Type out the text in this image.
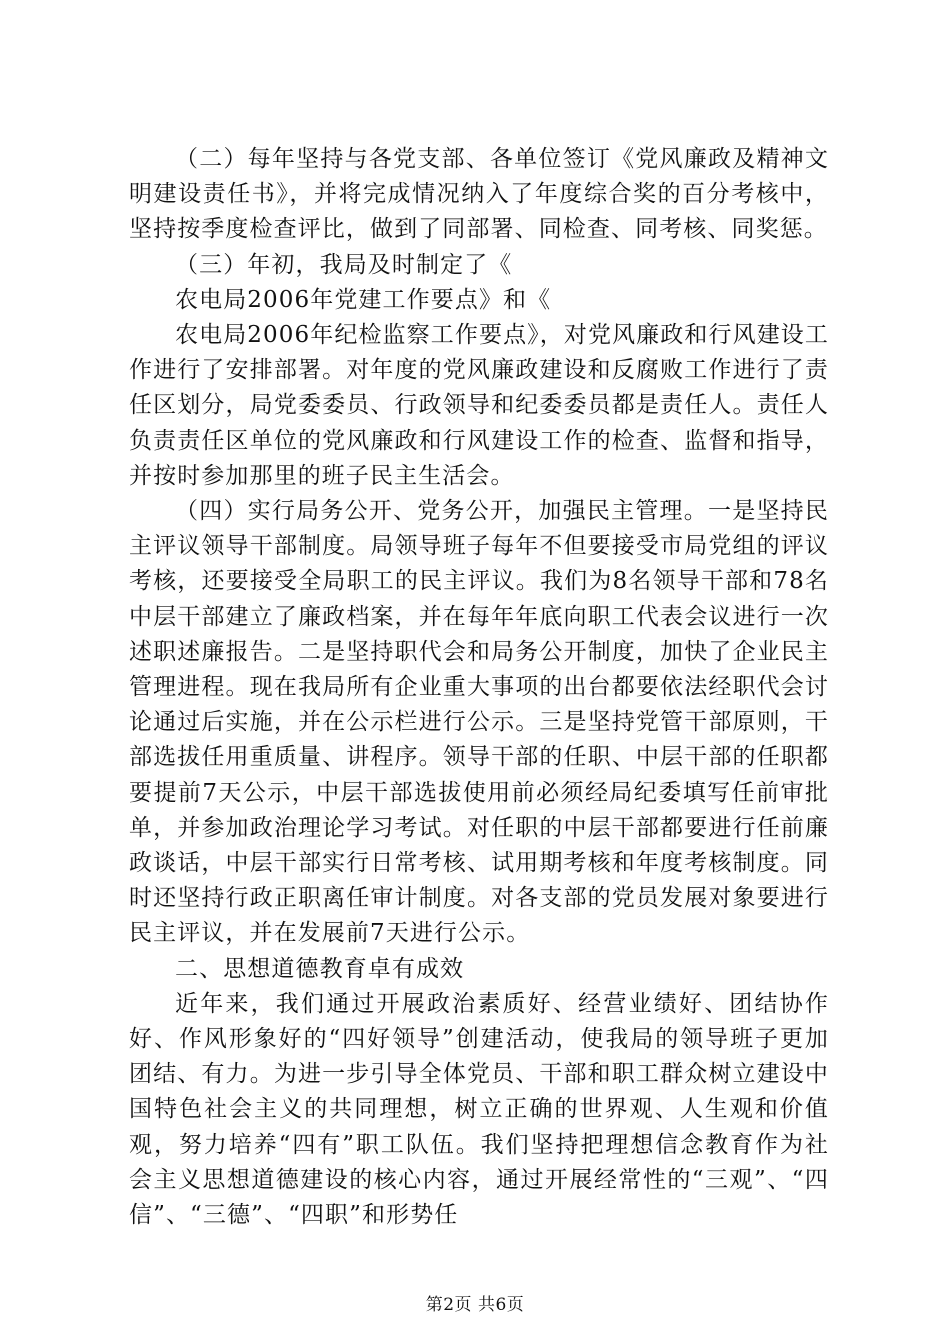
（二）每年坚持与各党支部、各单位签订《党风廉政及精神文明建设责任书》，并将完成情况纳入了年度综合奖的百分考核中，坚持按季度检查评比，做到了同部署、同检查、同考核、同奖惩。

（三）年初，我局及时制定了《

农电局2006年党建工作要点》和《

农电局2006年纪检监察工作要点》，对党风廉政和行风建设工作进行了安排部署。对年度的党风廉政建设和反腐败工作进行了责任区划分，局党委委员、行政领导和纪委委员都是责任人。责任人负责责任区单位的党风廉政和行风建设工作的检查、监督和指导，并按时参加那里的班子民主生活会。

（四）实行局务公开、党务公开，加强民主管理。一是坚持民主评议领导干部制度。局领导班子每年不但要接受市局党组的评议考核，还要接受全局职工的民主评议。我们为8名领导干部和78名中层干部建立了廉政档案，并在每年年底向职工代表会议进行一次述职述廉报告。二是坚持职代会和局务公开制度，加快了企业民主管理进程。现在我局所有企业重大事项的出台都要依法经职代会讨论通过后实施，并在公示栏进行公示。三是坚持党管干部原则，干部选拔任用重质量、讲程序。领导干部的任职、中层干部的任职都要提前7天公示，中层干部选拔使用前必须经局纪委填写任前审批单，并参加政治理论学习考试。对任职的中层干部都要进行任前廉政谈话，中层干部实行日常考核、试用期考核和年度考核制度。同时还坚持行政正职离任审计制度。对各支部的党员发展对象要进行民主评议，并在发展前7天进行公示。

二、思想道德教育卓有成效

近年来，我们通过开展政治素质好、经营业绩好、团结协作好、作风形象好的“四好领导”创建活动，使我局的领导班子更加团结、有力。为进一步引导全体党员、干部和职工群众树立建设中国特色社会主义的共同理想，树立正确的世界观、人生观和价值观，努力培养“四有”职工队伍。我们坚持把理想信念教育作为社会主义思想道德建设的核心内容，通过开展经常性的“三观”、“四信”、“三德”、“四职”和形势任

第2页 共6页
